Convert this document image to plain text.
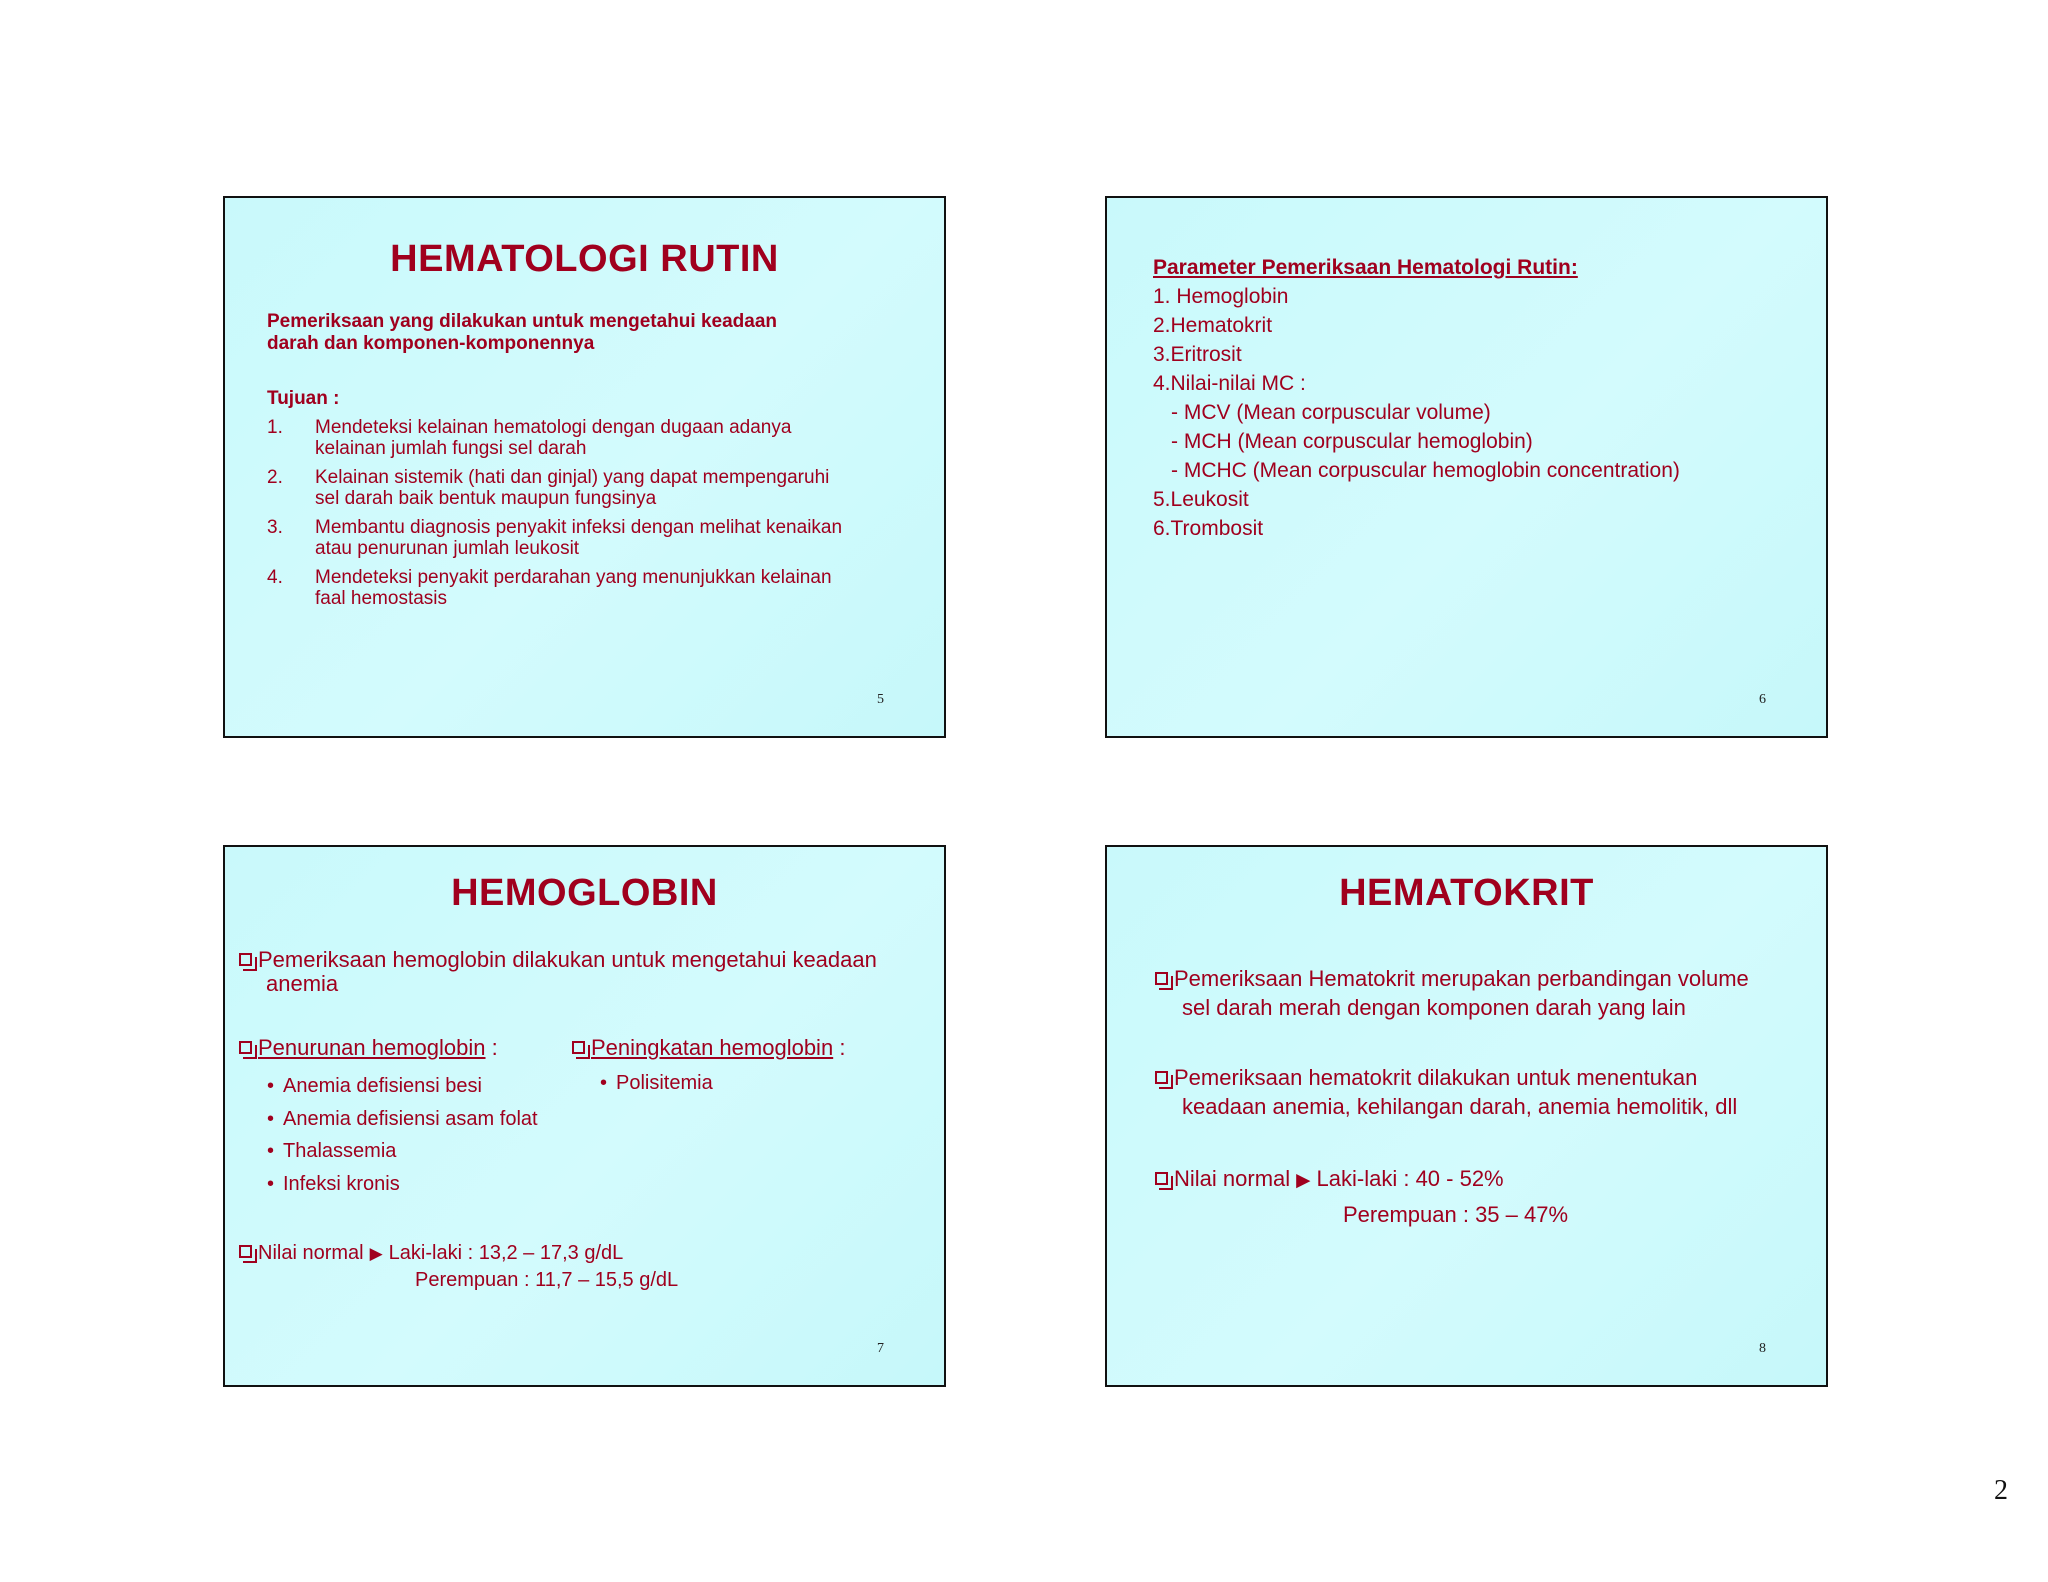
HEMATOLOGI RUTIN
Pemeriksaan yang dilakukan untuk mengetahui keadaan
darah dan komponen-komponennya
Tujuan :
1. Mendeteksi kelainan hematologi dengan dugaan adanya
kelainan jumlah fungsi sel darah
2. Kelainan sistemik (hati dan ginjal) yang dapat mempengaruhi
sel darah baik bentuk maupun fungsinya
3. Membantu diagnosis penyakit infeksi dengan melihat kenaikan
atau penurunan jumlah leukosit
4. Mendeteksi penyakit perdarahan yang menunjukkan kelainan
faal hemostasis
5
Parameter Pemeriksaan Hematologi Rutin:
1. Hemoglobin
2.Hematokrit
3.Eritrosit
4.Nilai-nilai MC :
- MCV (Mean corpuscular volume)
- MCH (Mean corpuscular hemoglobin)
- MCHC (Mean corpuscular hemoglobin concentration)
5.Leukosit
6.Trombosit
6
HEMOGLOBIN
Pemeriksaan hemoglobin dilakukan untuk mengetahui keadaan
anemia
Penurunan hemoglobin :
• Anemia defisiensi besi
• Anemia defisiensi asam folat
• Thalassemia
• Infeksi kronis
Peningkatan hemoglobin :
• Polisitemia
Nilai normal ▶ Laki-laki : 13,2 – 17,3 g/dL
Perempuan : 11,7 – 15,5 g/dL
7
HEMATOKRIT
Pemeriksaan Hematokrit merupakan perbandingan volume
sel darah merah dengan komponen darah yang lain
Pemeriksaan hematokrit dilakukan untuk menentukan
keadaan anemia, kehilangan darah, anemia hemolitik, dll
Nilai normal ▶ Laki-laki : 40 - 52%
Perempuan : 35 – 47%
8
2
